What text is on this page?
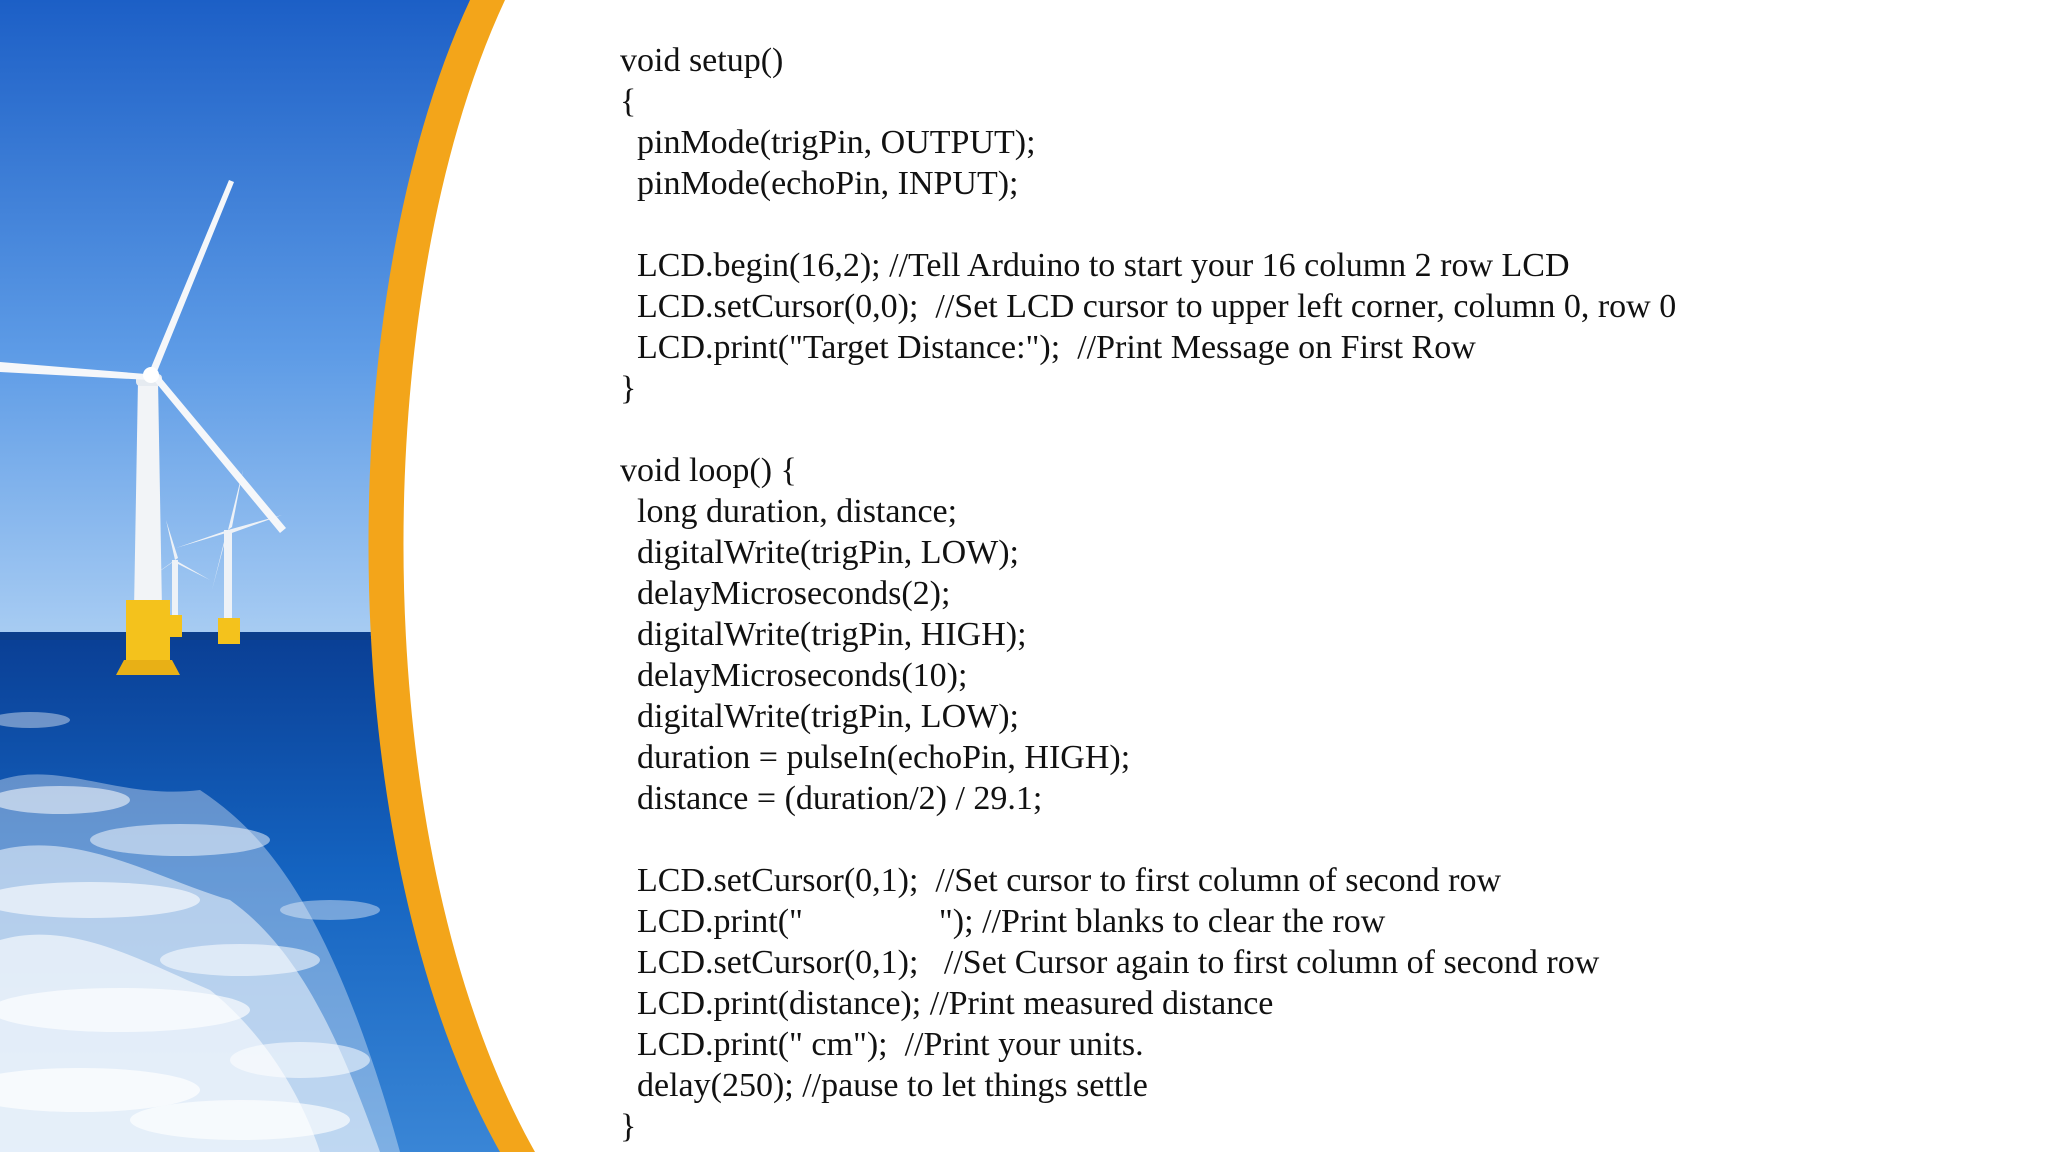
void setup()
{
pinMode(trigPin, OUTPUT);
pinMode(echoPin, INPUT);
LCD.begin(16,2); //Tell Arduino to start your 16 column 2 row LCD
LCD.setCursor(0,0);  //Set LCD cursor to upper left corner, column 0, row 0
LCD.print("Target Distance:");  //Print Message on First Row
}
void loop() {
long duration, distance;
digitalWrite(trigPin, LOW);
delayMicroseconds(2);
digitalWrite(trigPin, HIGH);
delayMicroseconds(10);
digitalWrite(trigPin, LOW);
duration = pulseIn(echoPin, HIGH);
distance = (duration/2) / 29.1;
LCD.setCursor(0,1);  //Set cursor to first column of second row
LCD.print("                "); //Print blanks to clear the row
LCD.setCursor(0,1);   //Set Cursor again to first column of second row
LCD.print(distance); //Print measured distance
LCD.print(" cm");  //Print your units.
delay(250); //pause to let things settle
}
